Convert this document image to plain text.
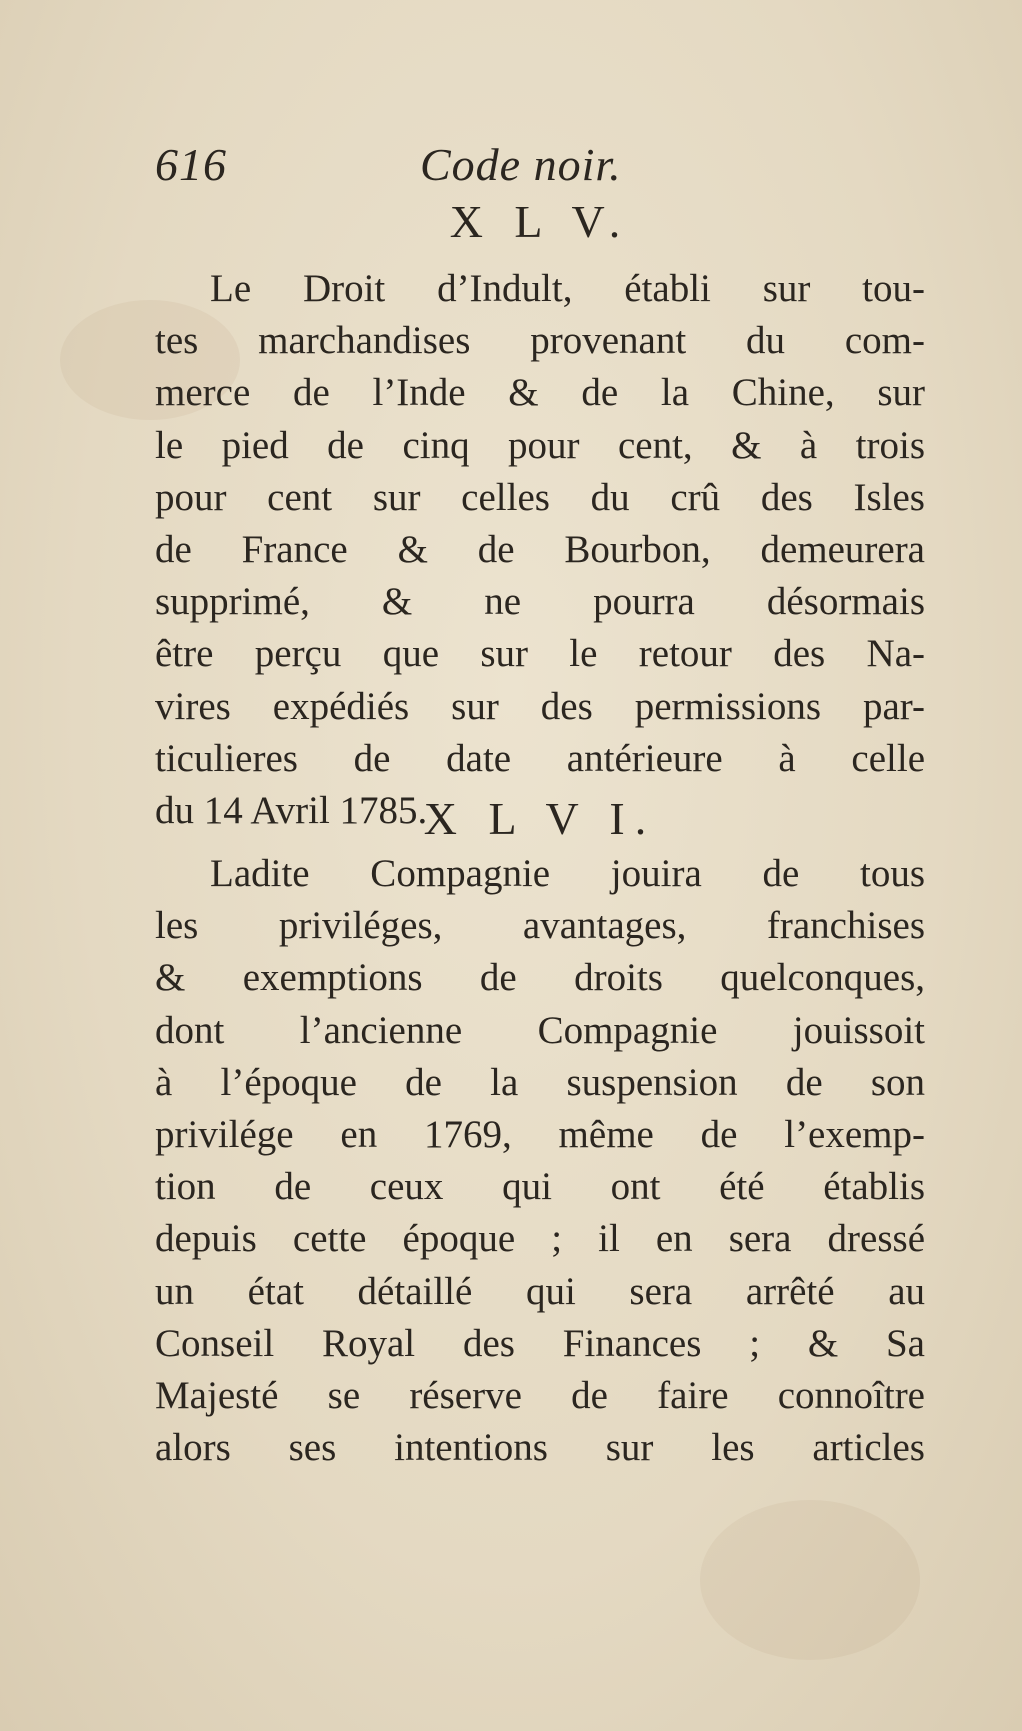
616	Code noir.
X L V.
Le Droit d’Indult, établi sur tou-
tes marchandises provenant du com-
merce de l’Inde & de la Chine, sur
le pied de cinq pour cent, & à trois
pour cent sur celles du crû des Isles
de France & de Bourbon, demeurera
supprimé, & ne pourra désormais
être perçu que sur le retour des Na-
vires expédiés sur des permissions par-
ticulieres de date antérieure à celle
du 14 Avril 1785.
X L V I.
Ladite Compagnie jouira de tous
les priviléges, avantages, franchises
& exemptions de droits quelconques,
dont l’ancienne Compagnie jouissoit
à l’époque de la suspension de son
privilége en 1769, même de l’exemp-
tion de ceux qui ont été établis
depuis cette époque ; il en sera dressé
un état détaillé qui sera arrêté au
Conseil Royal des Finances ; & Sa
Majesté se réserve de faire connoître
alors ses intentions sur les articles
